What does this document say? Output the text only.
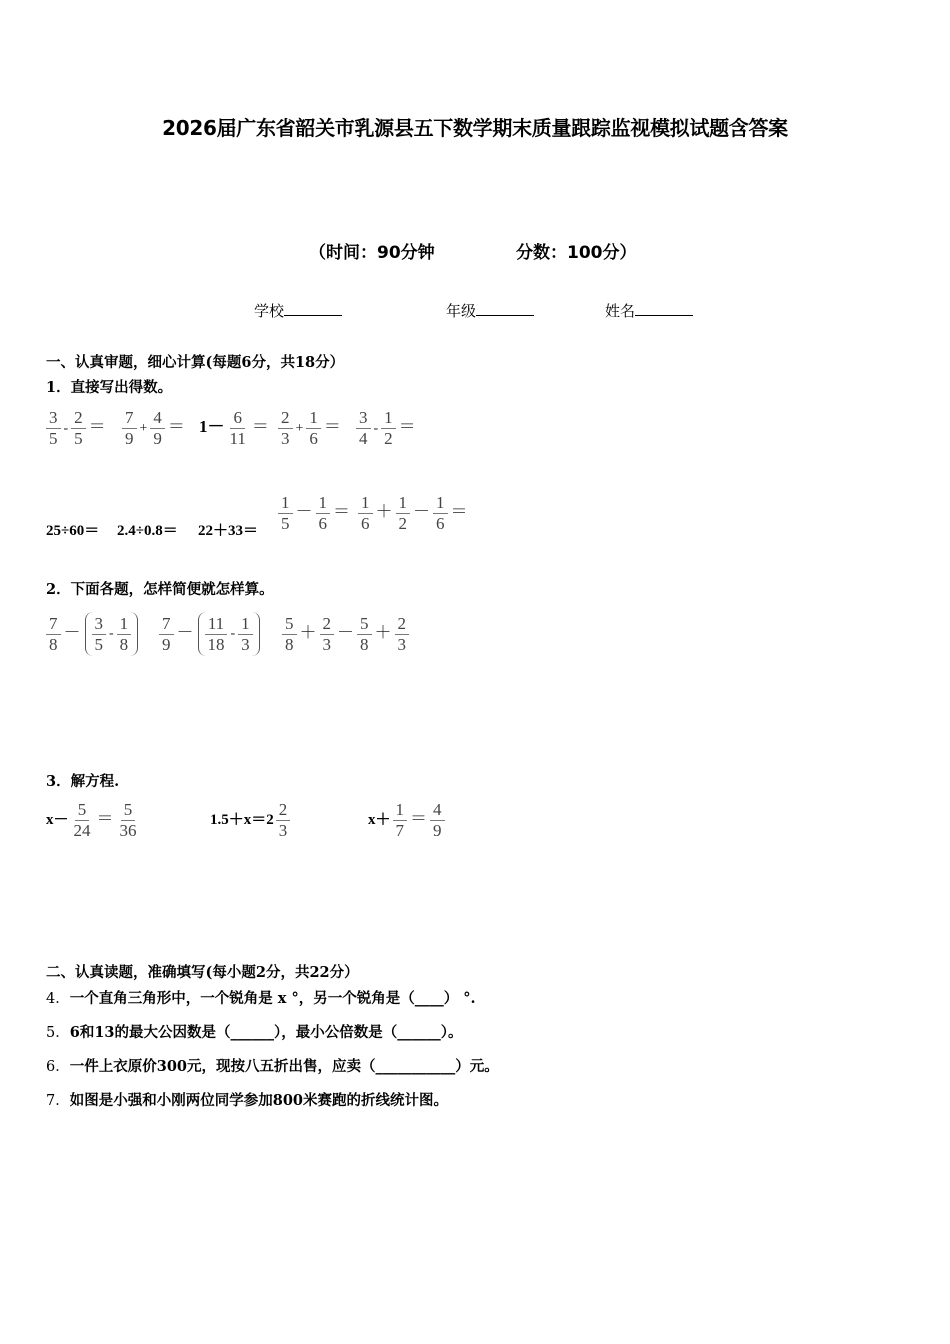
2026届广东省韶关市乳源县五下数学期末质量跟踪监视模拟试题含答案
（时间：90分钟	分数：100分）
学校	年级	姓名
一、认真审题，细心计算(每题6分，共18分）
1．直接写出得数。
$\frac{3}{5} - \frac{2}{5} = \frac{7}{9} + \frac{4}{9} = 1- \frac{6}{11} = \frac{2}{3} + \frac{1}{6} = \frac{3}{4} - \frac{1}{2}$ ＝
$25\div 60= 2.4\div 0.8= 22+33= \frac{1}{5} - \frac{1}{6} = \frac{1}{6} + \frac{1}{2} - \frac{1}{6}$ ＝
2．下面各题，怎样简便就怎样算。
$\frac{7}{8} - \frac{3}{5} - \frac{1}{8} \frac{7}{9} - \frac{11}{18} - \frac{1}{3} \frac{5}{8} + \frac{2}{3} - \frac{5}{8} + \frac{2}{3}$
3．解方程.
$x- \frac{5}{24} = \frac{5}{36}$	$1.5+x=2 \frac{2}{3}$	$x+ \frac{1}{7} = \frac{4}{9}$
二、认真读题，准确填写(每小题2分，共22分）
4．一个直角三角形中，一个锐角是 x °，另一个锐角是（____） °.
5．6和13的最大公因数是（______），最小公倍数是（______）。
6．一件上衣原价300元，现按八五折出售，应卖（___________）元。
7．如图是小强和小刚两位同学参加800米赛跑的折线统计图。
